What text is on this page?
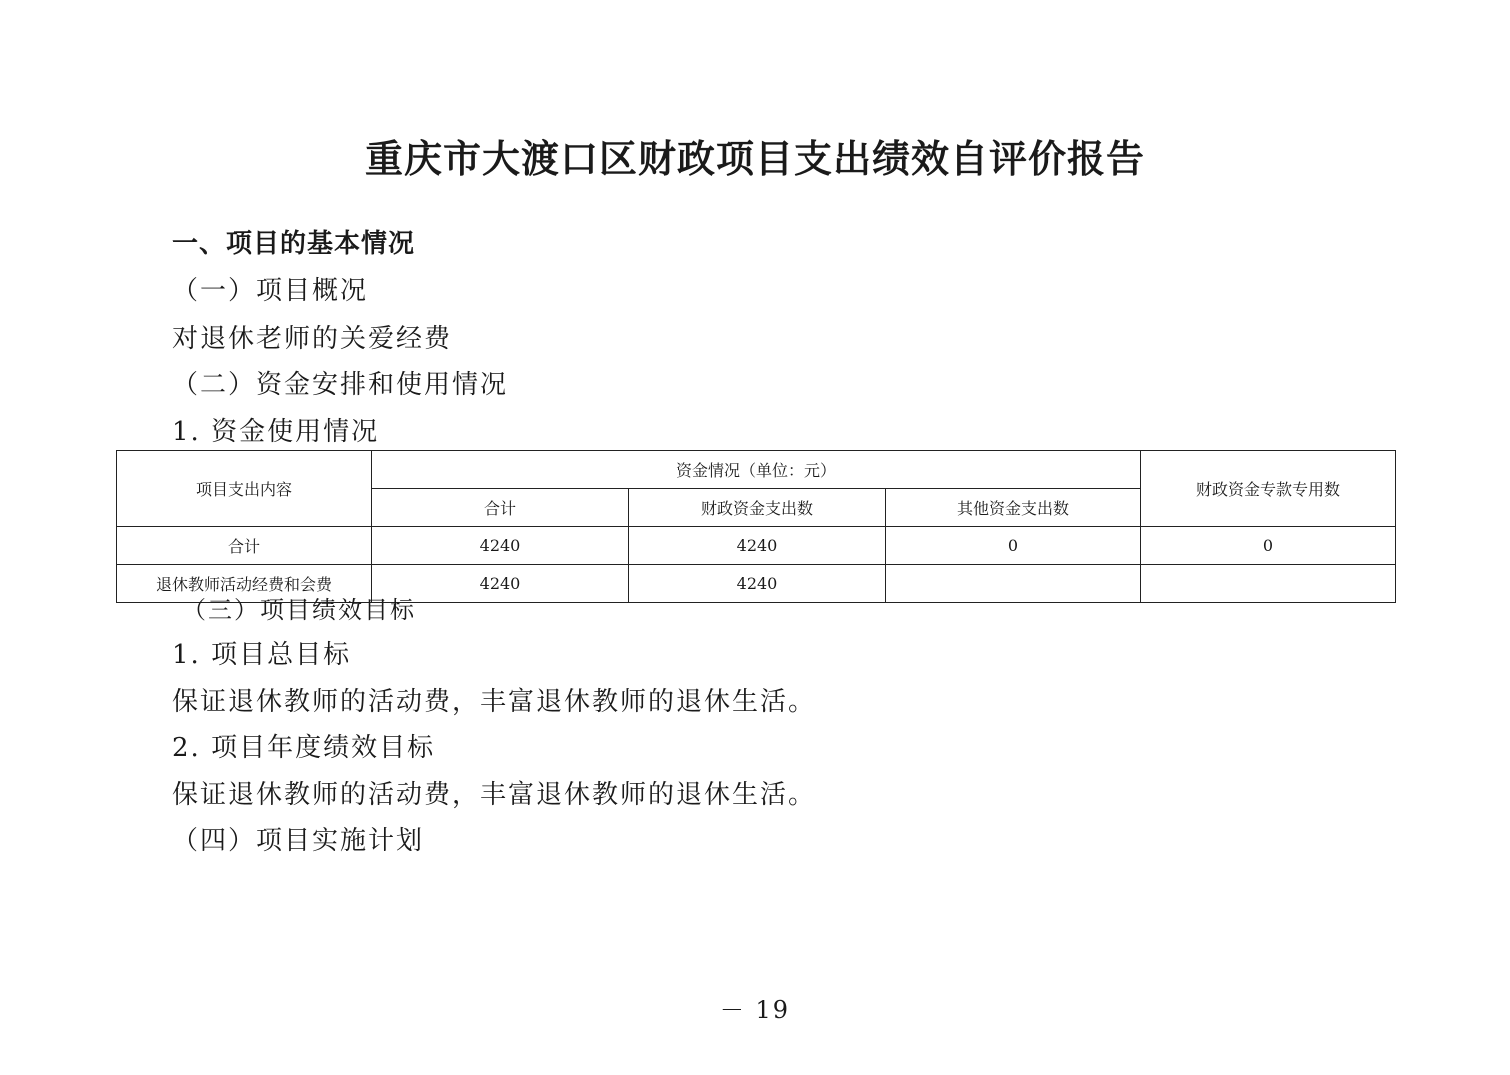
重庆市大渡口区财政项目支出绩效自评价报告
一、项目的基本情况
（一）项目概况
对退休老师的关爱经费
（二）资金安排和使用情况
1. 资金使用情况
项目支出内容	资金情况（单位：元）			财政资金专款专用数
	合计	财政资金支出数	其他资金支出数	
合计	4240	4240	0	0
退休教师活动经费和会费	4240	4240		
（三）项目绩效目标
1. 项目总目标
保证退休教师的活动费，丰富退休教师的退休生活。
2. 项目年度绩效目标
保证退休教师的活动费，丰富退休教师的退休生活。
（四）项目实施计划
－ 19
